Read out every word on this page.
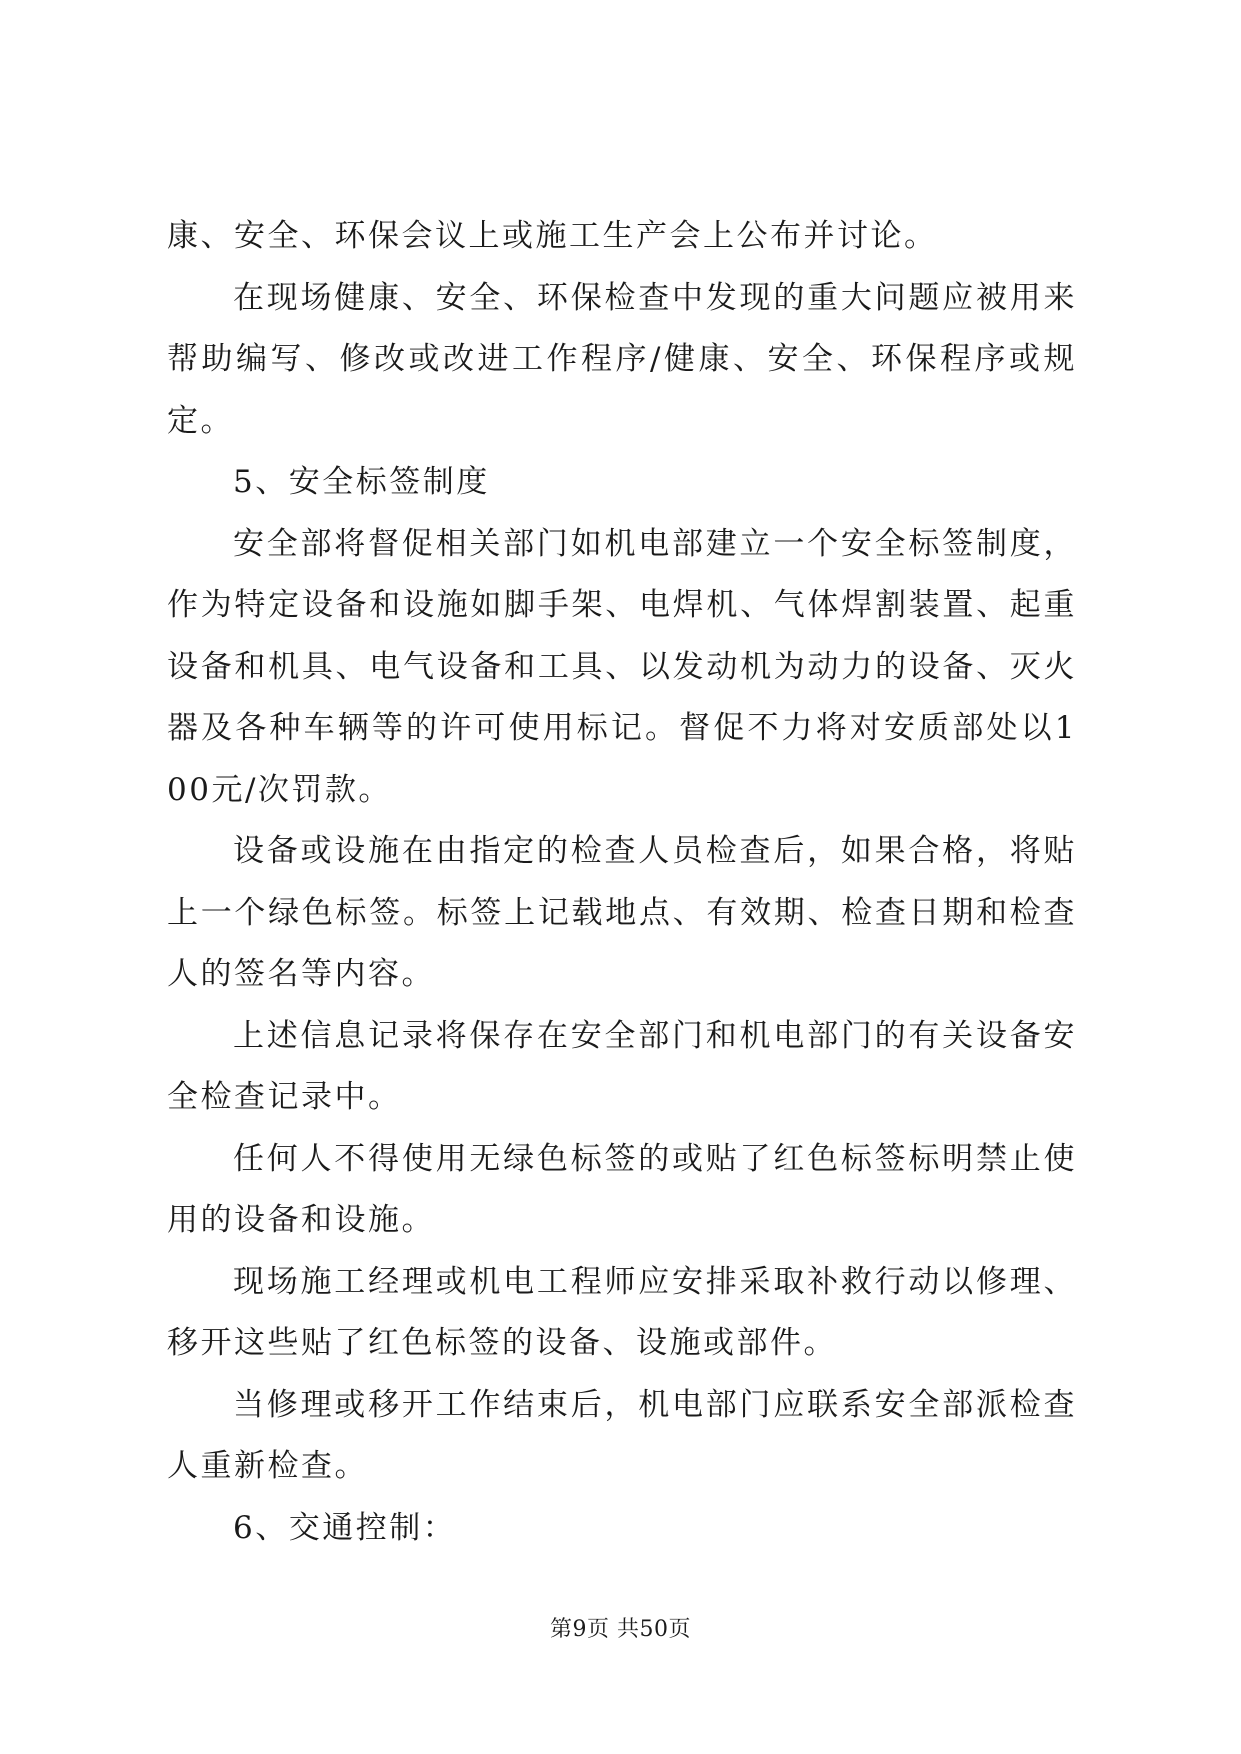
康、安全、环保会议上或施工生产会上公布并讨论。

在现场健康、安全、环保检查中发现的重大问题应被用来帮助编写、修改或改进工作程序/健康、安全、环保程序或规定。

5、安全标签制度

安全部将督促相关部门如机电部建立一个安全标签制度，作为特定设备和设施如脚手架、电焊机、气体焊割装置、起重设备和机具、电气设备和工具、以发动机为动力的设备、灭火器及各种车辆等的许可使用标记。督促不力将对安质部处以100元/次罚款。

设备或设施在由指定的检查人员检查后，如果合格，将贴上一个绿色标签。标签上记载地点、有效期、检查日期和检查人的签名等内容。

上述信息记录将保存在安全部门和机电部门的有关设备安全检查记录中。

任何人不得使用无绿色标签的或贴了红色标签标明禁止使用的设备和设施。

现场施工经理或机电工程师应安排采取补救行动以修理、移开这些贴了红色标签的设备、设施或部件。

当修理或移开工作结束后，机电部门应联系安全部派检查人重新检查。

6、交通控制：

第9页 共50页
